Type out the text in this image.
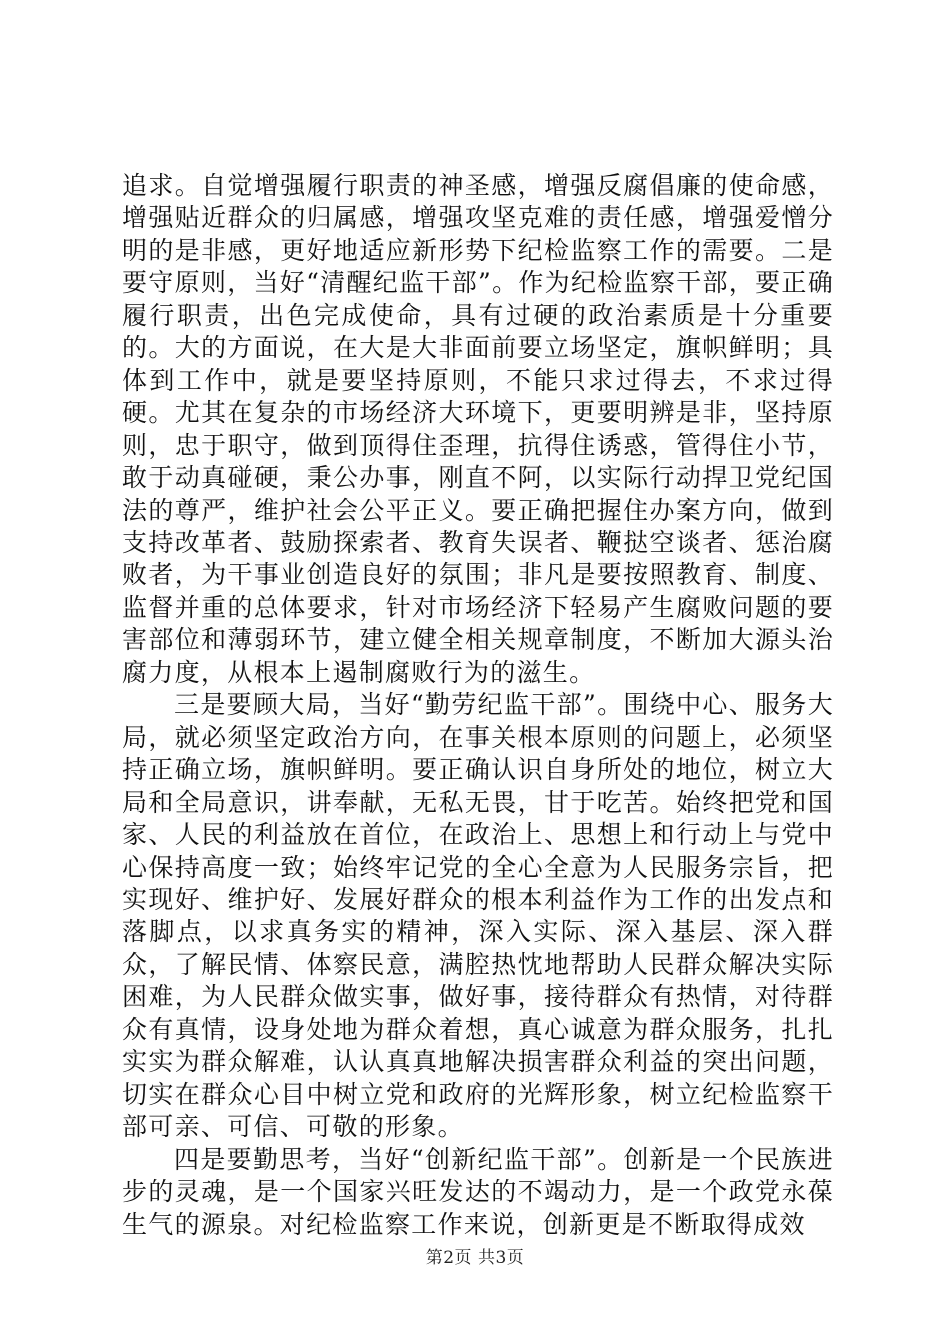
追求。自觉增强履行职责的神圣感，增强反腐倡廉的使命感，增强贴近群众的归属感，增强攻坚克难的责任感，增强爱憎分明的是非感，更好地适应新形势下纪检监察工作的需要。二是要守原则，当好“清醒纪监干部”。作为纪检监察干部，要正确履行职责，出色完成使命，具有过硬的政治素质是十分重要的。大的方面说，在大是大非面前要立场坚定，旗帜鲜明；具体到工作中，就是要坚持原则，不能只求过得去，不求过得硬。尤其在复杂的市场经济大环境下，更要明辨是非，坚持原则，忠于职守，做到顶得住歪理，抗得住诱惑，管得住小节，敢于动真碰硬，秉公办事，刚直不阿，以实际行动捍卫党纪国法的尊严，维护社会公平正义。要正确把握住办案方向，做到支持改革者、鼓励探索者、教育失误者、鞭挞空谈者、惩治腐败者，为干事业创造良好的氛围；非凡是要按照教育、制度、监督并重的总体要求，针对市场经济下轻易产生腐败问题的要害部位和薄弱环节，建立健全相关规章制度，不断加大源头治腐力度，从根本上遏制腐败行为的滋生。

三是要顾大局，当好“勤劳纪监干部”。围绕中心、服务大局，就必须坚定政治方向，在事关根本原则的问题上，必须坚持正确立场，旗帜鲜明。要正确认识自身所处的地位，树立大局和全局意识，讲奉献，无私无畏，甘于吃苦。始终把党和国家、人民的利益放在首位，在政治上、思想上和行动上与党中心保持高度一致；始终牢记党的全心全意为人民服务宗旨，把实现好、维护好、发展好群众的根本利益作为工作的出发点和落脚点，以求真务实的精神，深入实际、深入基层、深入群众，了解民情、体察民意，满腔热忱地帮助人民群众解决实际困难，为人民群众做实事，做好事，接待群众有热情，对待群众有真情，设身处地为群众着想，真心诚意为群众服务，扎扎实实为群众解难，认认真真地解决损害群众利益的突出问题，切实在群众心目中树立党和政府的光辉形象，树立纪检监察干部可亲、可信、可敬的形象。

四是要勤思考，当好“创新纪监干部”。创新是一个民族进步的灵魂，是一个国家兴旺发达的不竭动力，是一个政党永葆生气的源泉。对纪检监察工作来说，创新更是不断取得成效

第2页 共3页
